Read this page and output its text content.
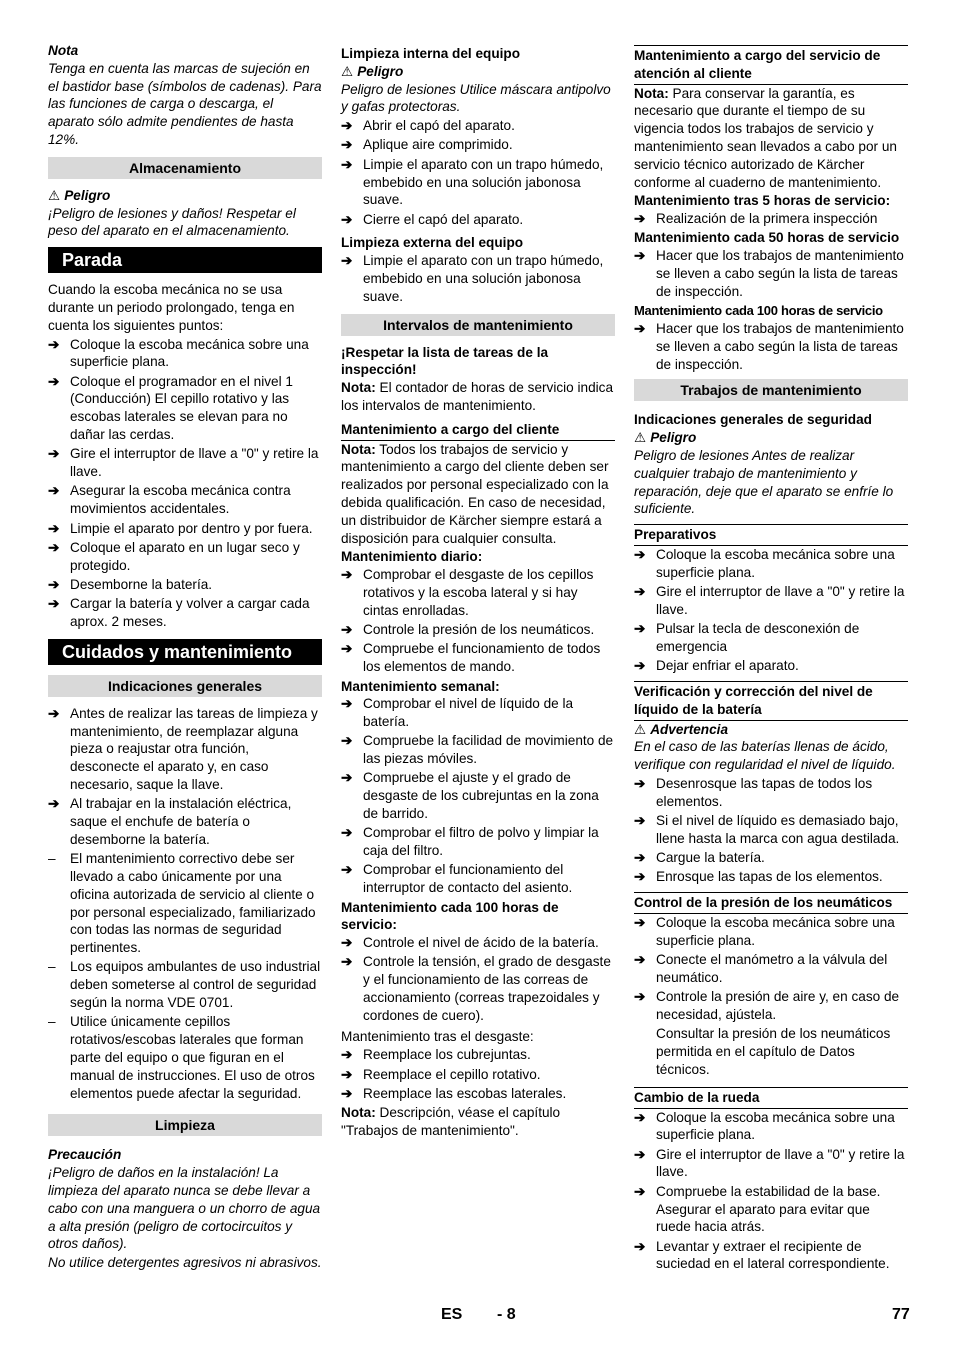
Nota
Tenga en cuenta las marcas de sujeción en el bastidor base (símbolos de cadenas). Para las funciones de carga o descarga, el aparato sólo admite pendientes de hasta 12%.
Almacenamiento
⚠ Peligro
¡Peligro de lesiones y daños! Respetar el peso del aparato en el almacenamiento.
Parada
Cuando la escoba mecánica no se usa durante un periodo prolongado, tenga en cuenta los siguientes puntos:
➔ Coloque la escoba mecánica sobre una superficie plana.
➔ Coloque el programador en el nivel 1 (Conducción) El cepillo rotativo y las escobas laterales se elevan para no dañar las cerdas.
➔ Gire el interruptor de llave a "0" y retire la llave.
➔ Asegurar la escoba mecánica contra movimientos accidentales.
➔ Limpie el aparato por dentro y por fuera.
➔ Coloque el aparato en un lugar seco y protegido.
➔ Desemborne la batería.
➔ Cargar la batería y volver a cargar cada aprox. 2 meses.
Cuidados y mantenimiento
Indicaciones generales
➔ Antes de realizar las tareas de limpieza y mantenimiento, de reemplazar alguna pieza o reajustar otra función, desconecte el aparato y, en caso necesario, saque la llave.
➔ Al trabajar en la instalación eléctrica, saque el enchufe de batería o desemborne la batería.
–	El mantenimiento correctivo debe ser llevado a cabo únicamente por una oficina autorizada de servicio al cliente o por personal especializado, familiarizado con todas las normas de seguridad pertinentes.
–	Los equipos ambulantes de uso industrial deben someterse al control de seguridad según la norma VDE 0701.
–	Utilice únicamente cepillos rotativos/escobas laterales que forman parte del equipo o que figuran en el manual de instrucciones. El uso de otros elementos puede afectar la seguridad.
Limpieza
Precaución
¡Peligro de daños en la instalación! La limpieza del aparato nunca se debe llevar a cabo con una manguera o un chorro de agua a alta presión (peligro de cortocircuitos y otros daños).
No utilice detergentes agresivos ni abrasivos.
Limpieza interna del equipo
⚠ Peligro
Peligro de lesiones Utilice máscara antipolvo y gafas protectoras.
➔ Abrir el capó del aparato.
➔ Aplique aire comprimido.
➔ Limpie el aparato con un trapo húmedo, embebido en una solución jabonosa suave.
➔ Cierre el capó del aparato.
Limpieza externa del equipo
➔ Limpie el aparato con un trapo húmedo, embebido en una solución jabonosa suave.
Intervalos de mantenimiento
¡Respetar la lista de tareas de la inspección!
Nota: El contador de horas de servicio indica los intervalos de mantenimiento.
Mantenimiento a cargo del cliente
Nota: Todos los trabajos de servicio y mantenimiento a cargo del cliente deben ser realizados por personal especializado con la debida qualificación. En caso de necesidad, un distribuidor de Kärcher siempre estará a disposición para cualquier consulta.
Mantenimiento diario:
➔ Comprobar el desgaste de los cepillos rotativos y la escoba lateral y si hay cintas enrolladas.
➔ Controle la presión de los neumáticos.
➔ Compruebe el funcionamiento de todos los elementos de mando.
Mantenimiento semanal:
➔ Comprobar el nivel de líquido de la batería.
➔ Compruebe la facilidad de movimiento de las piezas móviles.
➔ Compruebe el ajuste y el grado de desgaste de los cubrejuntas en la zona de barrido.
➔ Comprobar el filtro de polvo y limpiar la caja del filtro.
➔ Comprobar el funcionamiento del interruptor de contacto del asiento.
Mantenimiento cada 100 horas de servicio:
➔ Controle el nivel de ácido de la batería.
➔ Controle la tensión, el grado de desgaste y el funcionamiento de las correas de accionamiento (correas trapezoidales y cordones de cuero).
Mantenimiento tras el desgaste:
➔ Reemplace los cubrejuntas.
➔ Reemplace el cepillo rotativo.
➔ Reemplace las escobas laterales.
Nota: Descripción, véase el capítulo "Trabajos de mantenimiento".
Mantenimiento a cargo del servicio de atención al cliente
Nota: Para conservar la garantía, es necesario que durante el tiempo de su vigencia todos los trabajos de servicio y mantenimiento sean llevados a cabo por un servicio técnico autorizado de Kärcher conforme al cuaderno de mantenimiento.
Mantenimiento tras 5 horas de servicio:
➔ Realización de la primera inspección
Mantenimiento cada 50 horas de servicio
➔ Hacer que los trabajos de mantenimiento se lleven a cabo según la lista de tareas de inspección.
Mantenimiento cada 100 horas de servicio
➔ Hacer que los trabajos de mantenimiento se lleven a cabo según la lista de tareas de inspección.
Trabajos de mantenimiento
Indicaciones generales de seguridad
⚠ Peligro
Peligro de lesiones Antes de realizar cualquier trabajo de mantenimiento y reparación, deje que el aparato se enfríe lo suficiente.
Preparativos
➔ Coloque la escoba mecánica sobre una superficie plana.
➔ Gire el interruptor de llave a "0" y retire la llave.
➔ Pulsar la tecla de desconexión de emergencia
➔ Dejar enfriar el aparato.
Verificación y corrección del nivel de líquido de la batería
⚠ Advertencia
En el caso de las baterías llenas de ácido, verifique con regularidad el nivel de líquido.
➔ Desenrosque las tapas de todos los elementos.
➔ Si el nivel de líquido es demasiado bajo, llene hasta la marca con agua destilada.
➔ Cargue la batería.
➔ Enrosque las tapas de los elementos.
Control de la presión de los neumáticos
➔ Coloque la escoba mecánica sobre una superficie plana.
➔ Conecte el manómetro a la válvula del neumático.
➔ Controle la presión de aire y, en caso de necesidad, ajústela.
Consultar la presión de los neumáticos permitida en el capítulo de Datos técnicos.
Cambio de la rueda
➔ Coloque la escoba mecánica sobre una superficie plana.
➔ Gire el interruptor de llave a "0" y retire la llave.
➔ Compruebe la estabilidad de la base. Asegurar el aparato para evitar que ruede hacia atrás.
➔ Levantar y extraer el recipiente de suciedad en el lateral correspondiente.
ES - 8	77
